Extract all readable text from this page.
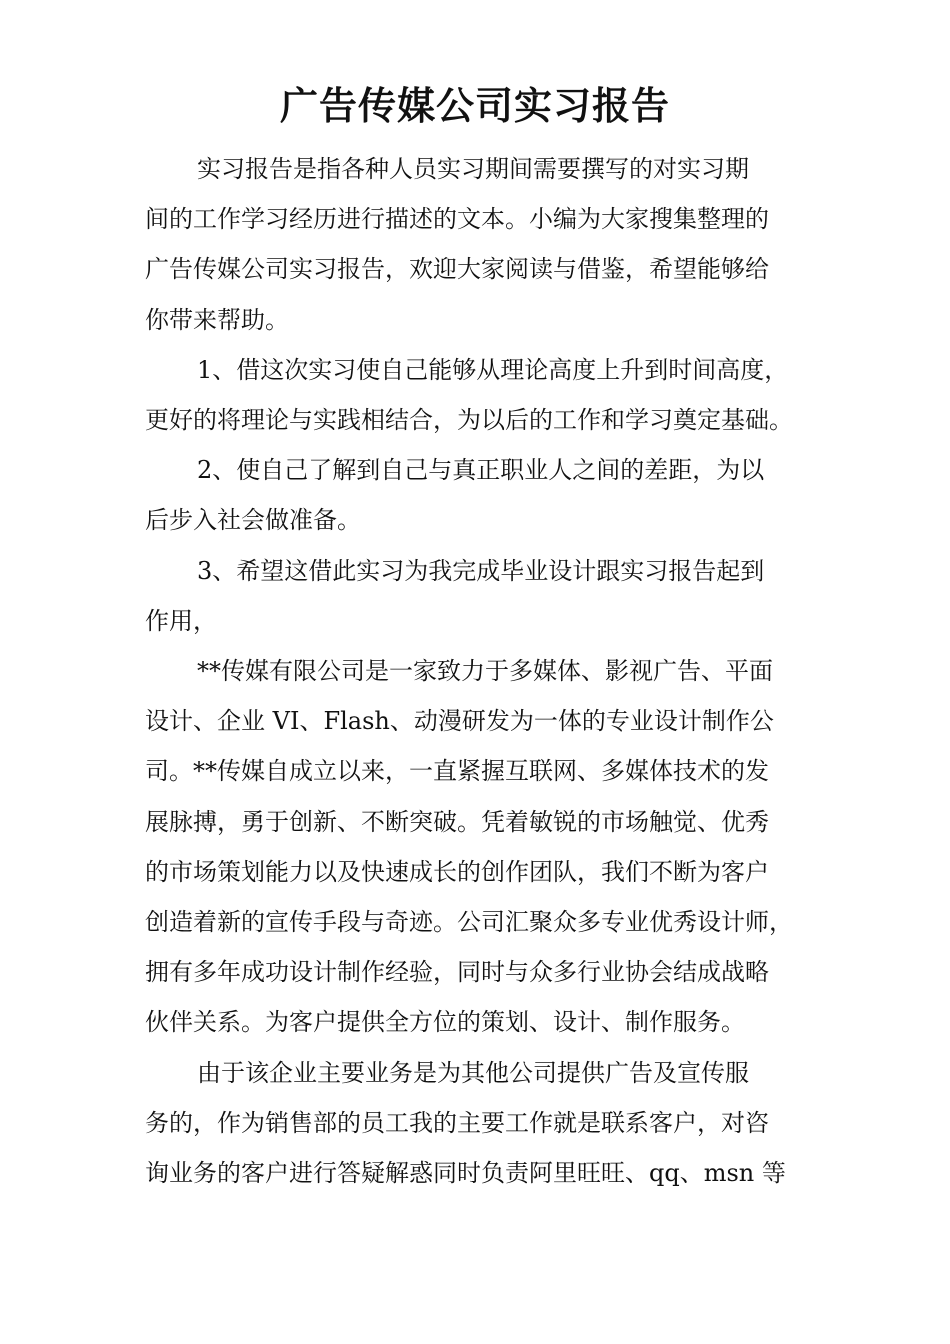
广告传媒公司实习报告

实习报告是指各种人员实习期间需要撰写的对实习期
间的工作学习经历进行描述的文本。小编为大家搜集整理的
广告传媒公司实习报告，欢迎大家阅读与借鉴，希望能够给
你带来帮助。

1、借这次实习使自己能够从理论高度上升到时间高度，
更好的将理论与实践相结合，为以后的工作和学习奠定基础。

2、使自己了解到自己与真正职业人之间的差距，为以
后步入社会做准备。

3、希望这借此实习为我完成毕业设计跟实习报告起到
作用，

**传媒有限公司是一家致力于多媒体、影视广告、平面
设计、企业 VI、Flash、动漫研发为一体的专业设计制作公
司。**传媒自成立以来，一直紧握互联网、多媒体技术的发
展脉搏，勇于创新、不断突破。凭着敏锐的市场触觉、优秀
的市场策划能力以及快速成长的创作团队，我们不断为客户
创造着新的宣传手段与奇迹。公司汇聚众多专业优秀设计师，
拥有多年成功设计制作经验，同时与众多行业协会结成战略
伙伴关系。为客户提供全方位的策划、设计、制作服务。

由于该企业主要业务是为其他公司提供广告及宣传服
务的，作为销售部的员工我的主要工作就是联系客户，对咨
询业务的客户进行答疑解惑同时负责阿里旺旺、qq、msn 等
